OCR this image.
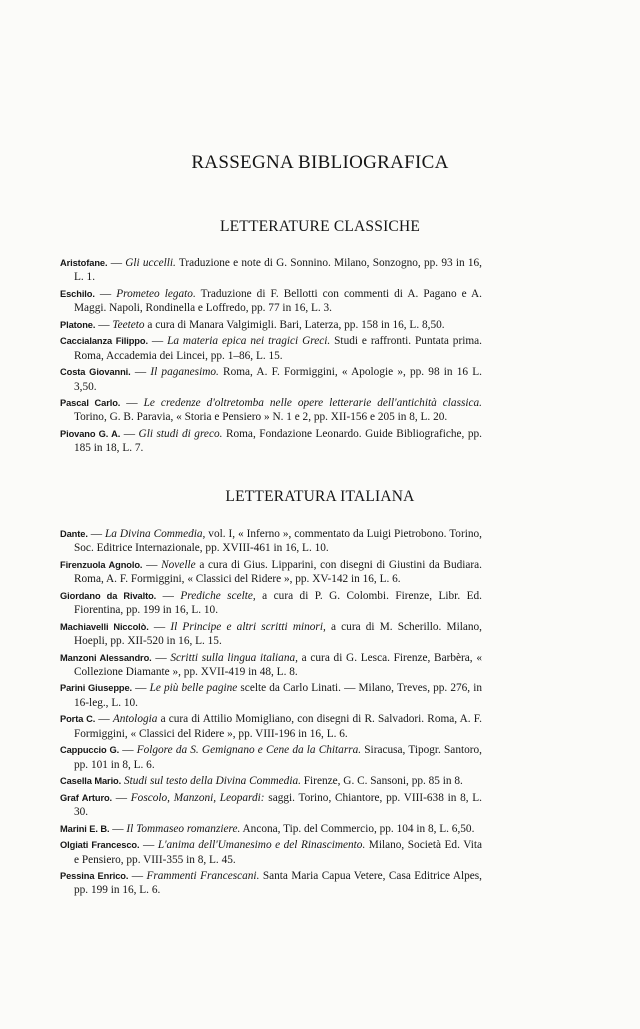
RASSEGNA BIBLIOGRAFICA
LETTERATURE CLASSICHE
Aristofane. — Gli uccelli. Traduzione e note di G. Sonnino. Milano, Sonzogno, pp. 93 in 16, L. 1.
Eschilo. — Prometeo legato. Traduzione di F. Bellotti con commenti di A. Pagano e A. Maggi. Napoli, Rondinella e Loffredo, pp. 77 in 16, L. 3.
Platone. — Teeteto a cura di Manara Valgimigli. Bari, Laterza, pp. 158 in 16, L. 8,50.
Caccialanza Filippo. — La materia epica nei tragici Greci. Studi e raffronti. Puntata prima. Roma, Accademia dei Lincei, pp. 1–86, L. 15.
Costa Giovanni. — Il paganesimo. Roma, A. F. Formiggini, « Apologie », pp. 98 in 16 L. 3,50.
Pascal Carlo. — Le credenze d'oltretomba nelle opere letterarie dell'antichità classica. Torino, G. B. Paravia, « Storia e Pensiero » N. 1 e 2, pp. XII-156 e 205 in 8, L. 20.
Piovano G. A. — Gli studi di greco. Roma, Fondazione Leonardo. Guide Bibliografiche, pp. 185 in 18, L. 7.
LETTERATURA ITALIANA
Dante. — La Divina Commedia, vol. I, « Inferno », commentato da Luigi Pietrobono. Torino, Soc. Editrice Internazionale, pp. XVIII-461 in 16, L. 10.
Firenzuola Agnolo. — Novelle a cura di Gius. Lipparini, con disegni di Giustini da Budiara. Roma, A. F. Formiggini, « Classici del Ridere », pp. XV-142 in 16, L. 6.
Giordano da Rivalto. — Prediche scelte, a cura di P. G. Colombi. Firenze, Libr. Ed. Fiorentina, pp. 199 in 16, L. 10.
Machiavelli Niccolò. — Il Principe e altri scritti minori, a cura di M. Scherillo. Milano, Hoepli, pp. XII-520 in 16, L. 15.
Manzoni Alessandro. — Scritti sulla lingua italiana, a cura di G. Lesca. Firenze, Barbèra, « Collezione Diamante », pp. XVII-419 in 48, L. 8.
Parini Giuseppe. — Le più belle pagine scelte da Carlo Linati. — Milano, Treves, pp. 276, in 16-leg., L. 10.
Porta C. — Antologia a cura di Attilio Momigliano, con disegni di R. Salvadori. Roma, A. F. Formiggini, « Classici del Ridere », pp. VIII-196 in 16, L. 6.
Cappuccio G. — Folgore da S. Gemignano e Cene da la Chitarra. Siracusa, Tipogr. Santoro, pp. 101 in 8, L. 6.
Casella Mario. Studi sul testo della Divina Commedia. Firenze, G. C. Sansoni, pp. 85 in 8.
Graf Arturo. — Foscolo, Manzoni, Leopardi: saggi. Torino, Chiantore, pp. VIII-638 in 8, L. 30.
Marini E. B. — Il Tommaseo romanziere. Ancona, Tip. del Commercio, pp. 104 in 8, L. 6,50.
Olgiati Francesco. — L'anima dell'Umanesimo e del Rinascimento. Milano, Società Ed. Vita e Pensiero, pp. VIII-355 in 8, L. 45.
Pessina Enrico. — Frammenti Francescani. Santa Maria Capua Vetere, Casa Editrice Alpes, pp. 199 in 16, L. 6.
